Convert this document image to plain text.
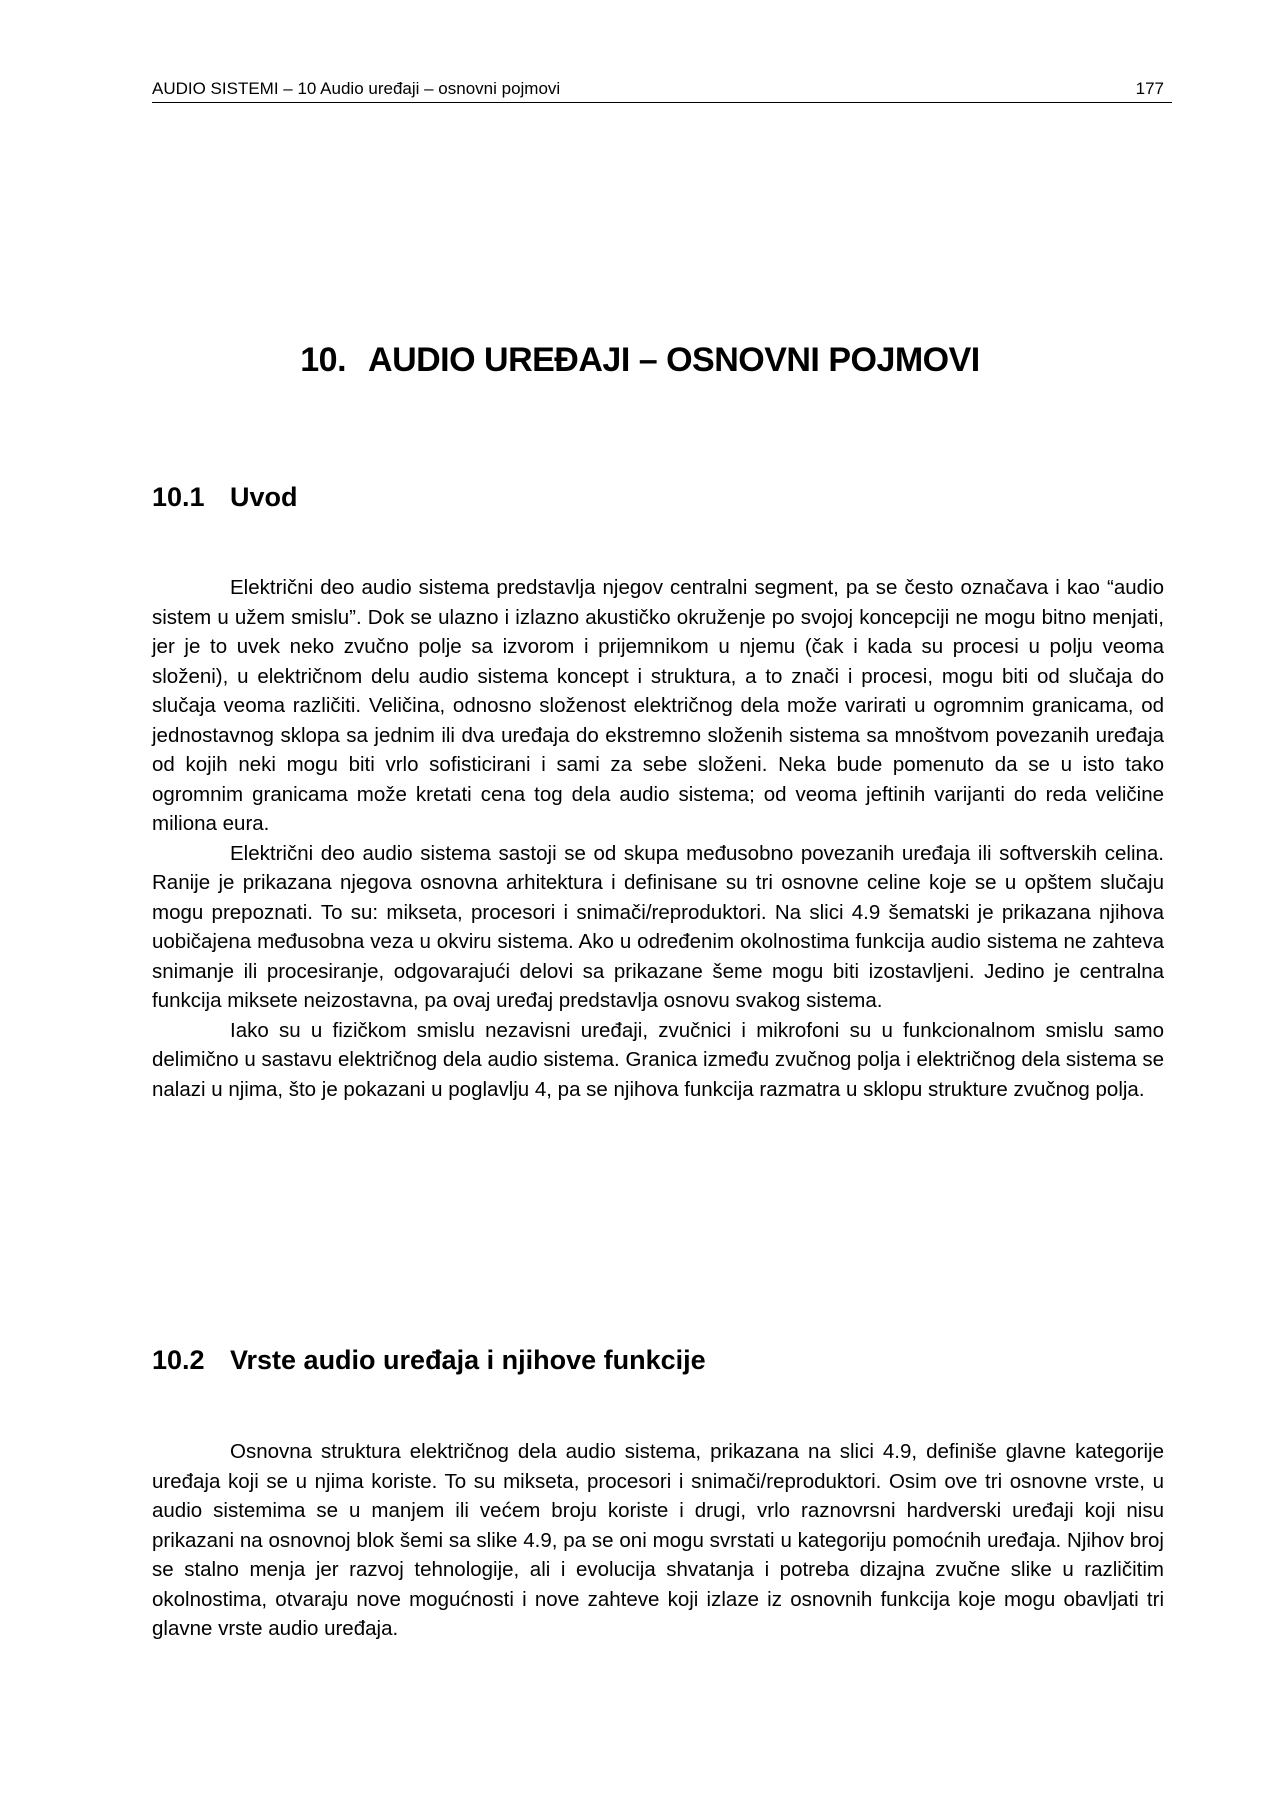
AUDIO SISTEMI – 10 Audio uređaji – osnovni pojmovi	177
10. AUDIO UREĐAJI – OSNOVNI POJMOVI
10.1 Uvod

Električni deo audio sistema predstavlja njegov centralni segment, pa se često označava i kao “audio sistem u užem smislu”. Dok se ulazno i izlazno akustičko okruženje po svojoj koncepciji ne mogu bitno menjati, jer je to uvek neko zvučno polje sa izvorom i prijemnikom u njemu (čak i kada su procesi u polju veoma složeni), u električnom delu audio sistema koncept i struktura, a to znači i procesi, mogu biti od slučaja do slučaja veoma različiti. Veličina, odnosno složenost električnog dela može varirati u ogromnim granicama, od jednostavnog sklopa sa jednim ili dva uređaja do ekstremno složenih sistema sa mnoštvom povezanih uređaja od kojih neki mogu biti vrlo sofisticirani i sami za sebe složeni. Neka bude pomenuto da se u isto tako ogromnim granicama može kretati cena tog dela audio sistema; od veoma jeftinih varijanti do reda veličine miliona eura.

Električni deo audio sistema sastoji se od skupa međusobno povezanih uređaja ili softverskih celina. Ranije je prikazana njegova osnovna arhitektura i definisane su tri osnovne celine koje se u opštem slučaju mogu prepoznati. To su: mikseta, procesori i snimači/reproduktori. Na slici 4.9 šematski je prikazana njihova uobičajena međusobna veza u okviru sistema. Ako u određenim okolnostima funkcija audio sistema ne zahteva snimanje ili procesiranje, odgovarajući delovi sa prikazane šeme mogu biti izostavljeni. Jedino je centralna funkcija miksete neizostavna, pa ovaj uređaj predstavlja osnovu svakog sistema.

Iako su u fizičkom smislu nezavisni uređaji, zvučnici i mikrofoni su u funkcionalnom smislu samo delimično u sastavu električnog dela audio sistema. Granica između zvučnog polja i električnog dela sistema se nalazi u njima, što je pokazani u poglavlju 4, pa se njihova funkcija razmatra u sklopu strukture zvučnog polja.

10.2 Vrste audio uređaja i njihove funkcije

Osnovna struktura električnog dela audio sistema, prikazana na slici 4.9, definiše glavne kategorije uređaja koji se u njima koriste. To su mikseta, procesori i snimači/reproduktori. Osim ove tri osnovne vrste, u audio sistemima se u manjem ili većem broju koriste i drugi, vrlo raznovrsni hardverski uređaji koji nisu prikazani na osnovnoj blok šemi sa slike 4.9, pa se oni mogu svrstati u kategoriju pomoćnih uređaja. Njihov broj se stalno menja jer razvoj tehnologije, ali i evolucija shvatanja i potreba dizajna zvučne slike u različitim okolnostima, otvaraju nove mogućnosti i nove zahteve koji izlaze iz osnovnih funkcija koje mogu obavljati tri glavne vrste audio uređaja.
